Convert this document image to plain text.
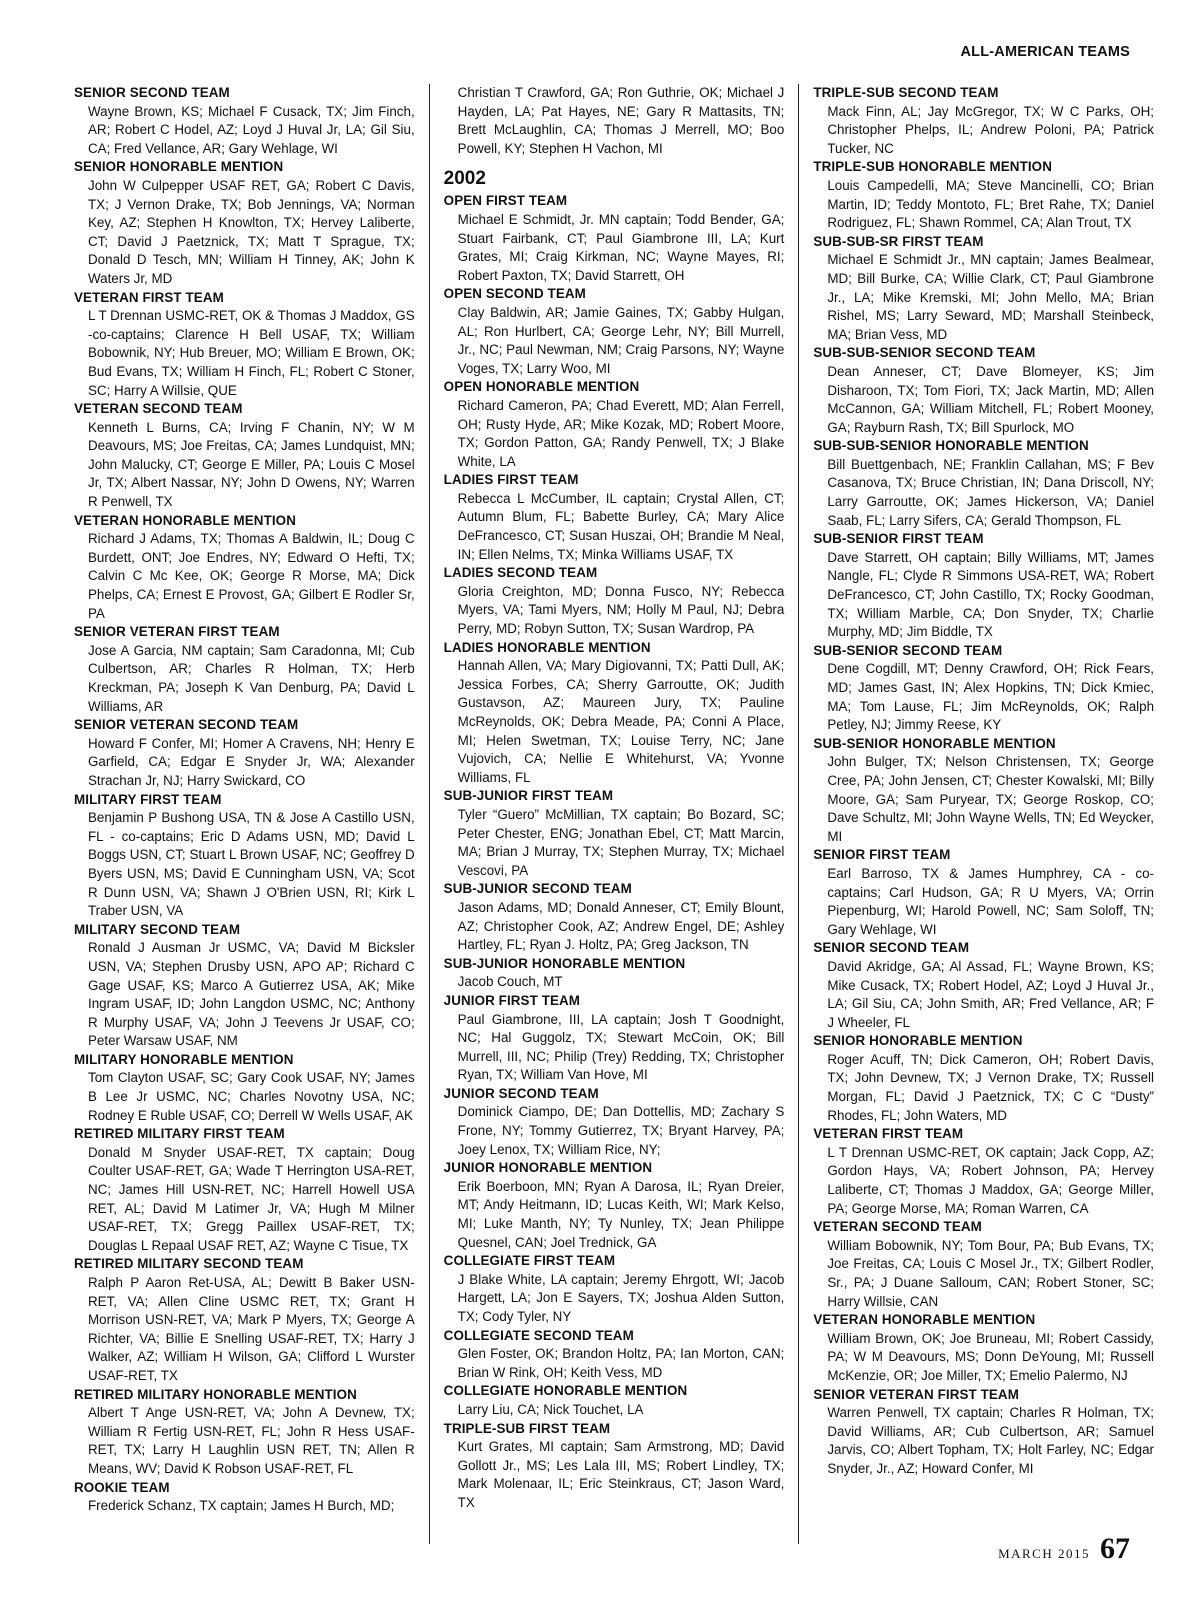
ALL-AMERICAN TEAMS
SENIOR SECOND TEAM
Wayne Brown, KS; Michael F Cusack, TX; Jim Finch, AR; Robert C Hodel, AZ; Loyd J Huval Jr, LA; Gil Siu, CA; Fred Vellance, AR; Gary Wehlage, WI
SENIOR HONORABLE MENTION
John W Culpepper USAF RET, GA; Robert C Davis, TX; J Vernon Drake, TX; Bob Jennings, VA; Norman Key, AZ; Stephen H Knowlton, TX; Hervey Laliberte, CT; David J Paetznick, TX; Matt T Sprague, TX; Donald D Tesch, MN; William H Tinney, AK; John K Waters Jr, MD
VETERAN FIRST TEAM
L T Drennan USMC-RET, OK & Thomas J Maddox, GS -co-captains; Clarence H Bell USAF, TX; William Bobownik, NY; Hub Breuer, MO; William E Brown, OK; Bud Evans, TX; William H Finch, FL; Robert C Stoner, SC; Harry A Willsie, QUE
VETERAN SECOND TEAM
Kenneth L Burns, CA; Irving F Chanin, NY; W M Deavours, MS; Joe Freitas, CA; James Lundquist, MN; John Malucky, CT; George E Miller, PA; Louis C Mosel Jr, TX; Albert Nassar, NY; John D Owens, NY; Warren R Penwell, TX
VETERAN HONORABLE MENTION
Richard J Adams, TX; Thomas A Baldwin, IL; Doug C Burdett, ONT; Joe Endres, NY; Edward O Hefti, TX; Calvin C Mc Kee, OK; George R Morse, MA; Dick Phelps, CA; Ernest E Provost, GA; Gilbert E Rodler Sr, PA
SENIOR VETERAN FIRST TEAM
Jose A Garcia, NM captain; Sam Caradonna, MI; Cub Culbertson, AR; Charles R Holman, TX; Herb Kreckman, PA; Joseph K Van Denburg, PA; David L Williams, AR
SENIOR VETERAN SECOND TEAM
Howard F Confer, MI; Homer A Cravens, NH; Henry E Garfield, CA; Edgar E Snyder Jr, WA; Alexander Strachan Jr, NJ; Harry Swickard, CO
MILITARY FIRST TEAM
Benjamin P Bushong USA, TN & Jose A Castillo USN, FL - co-captains; Eric D Adams USN, MD; David L Boggs USN, CT; Stuart L Brown USAF, NC; Geoffrey D Byers USN, MS; David E Cunningham USN, VA; Scot R Dunn USN, VA; Shawn J O'Brien USN, RI; Kirk L Traber USN, VA
MILITARY SECOND TEAM
Ronald J Ausman Jr USMC, VA; David M Bicksler USN, VA; Stephen Drusby USN, APO AP; Richard C Gage USAF, KS; Marco A Gutierrez USA, AK; Mike Ingram USAF, ID; John Langdon USMC, NC; Anthony R Murphy USAF, VA; John J Teevens Jr USAF, CO; Peter Warsaw USAF, NM
MILITARY HONORABLE MENTION
Tom Clayton USAF, SC; Gary Cook USAF, NY; James B Lee Jr USMC, NC; Charles Novotny USA, NC; Rodney E Ruble USAF, CO; Derrell W Wells USAF, AK
RETIRED MILITARY FIRST TEAM
Donald M Snyder USAF-RET, TX captain; Doug Coulter USAF-RET, GA; Wade T Herrington USA-RET, NC; James Hill USN-RET, NC; Harrell Howell USA RET, AL; David M Latimer Jr, VA; Hugh M Milner USAF-RET, TX; Gregg Paillex USAF-RET, TX; Douglas L Repaal USAF RET, AZ; Wayne C Tisue, TX
RETIRED MILITARY SECOND TEAM
Ralph P Aaron Ret-USA, AL; Dewitt B Baker USN-RET, VA; Allen Cline USMC RET, TX; Grant H Morrison USN-RET, VA; Mark P Myers, TX; George A Richter, VA; Billie E Snelling USAF-RET, TX; Harry J Walker, AZ; William H Wilson, GA; Clifford L Wurster USAF-RET, TX
RETIRED MILITARY HONORABLE MENTION
Albert T Ange USN-RET, VA; John A Devnew, TX; William R Fertig USN-RET, FL; John R Hess USAF-RET, TX; Larry H Laughlin USN RET, TN; Allen R Means, WV; David K Robson USAF-RET, FL
ROOKIE TEAM
Frederick Schanz, TX captain; James H Burch, MD;
Christian T Crawford, GA; Ron Guthrie, OK; Michael J Hayden, LA; Pat Hayes, NE; Gary R Mattasits, TN; Brett McLaughlin, CA; Thomas J Merrell, MO; Boo Powell, KY; Stephen H Vachon, MI
2002
OPEN FIRST TEAM
Michael E Schmidt, Jr. MN captain; Todd Bender, GA; Stuart Fairbank, CT; Paul Giambrone III, LA; Kurt Grates, MI; Craig Kirkman, NC; Wayne Mayes, RI; Robert Paxton, TX; David Starrett, OH
OPEN SECOND TEAM
Clay Baldwin, AR; Jamie Gaines, TX; Gabby Hulgan, AL; Ron Hurlbert, CA; George Lehr, NY; Bill Murrell, Jr., NC; Paul Newman, NM; Craig Parsons, NY; Wayne Voges, TX; Larry Woo, MI
OPEN HONORABLE MENTION
Richard Cameron, PA; Chad Everett, MD; Alan Ferrell, OH; Rusty Hyde, AR; Mike Kozak, MD; Robert Moore, TX; Gordon Patton, GA; Randy Penwell, TX; J Blake White, LA
LADIES FIRST TEAM
Rebecca L McCumber, IL captain; Crystal Allen, CT; Autumn Blum, FL; Babette Burley, CA; Mary Alice DeFrancesco, CT; Susan Huszai, OH; Brandie M Neal, IN; Ellen Nelms, TX; Minka Williams USAF, TX
LADIES SECOND TEAM
Gloria Creighton, MD; Donna Fusco, NY; Rebecca Myers, VA; Tami Myers, NM; Holly M Paul, NJ; Debra Perry, MD; Robyn Sutton, TX; Susan Wardrop, PA
LADIES HONORABLE MENTION
Hannah Allen, VA; Mary Digiovanni, TX; Patti Dull, AK; Jessica Forbes, CA; Sherry Garroutte, OK; Judith Gustavson, AZ; Maureen Jury, TX; Pauline McReynolds, OK; Debra Meade, PA; Conni A Place, MI; Helen Swetman, TX; Louise Terry, NC; Jane Vujovich, CA; Nellie E Whitehurst, VA; Yvonne Williams, FL
SUB-JUNIOR FIRST TEAM
Tyler “Guero” McMillian, TX captain; Bo Bozard, SC; Peter Chester, ENG; Jonathan Ebel, CT; Matt Marcin, MA; Brian J Murray, TX; Stephen Murray, TX; Michael Vescovi, PA
SUB-JUNIOR SECOND TEAM
Jason Adams, MD; Donald Anneser, CT; Emily Blount, AZ; Christopher Cook, AZ; Andrew Engel, DE; Ashley Hartley, FL; Ryan J. Holtz, PA; Greg Jackson, TN
SUB-JUNIOR HONORABLE MENTION
Jacob Couch, MT
JUNIOR FIRST TEAM
Paul Giambrone, III, LA captain; Josh T Goodnight, NC; Hal Guggolz, TX; Stewart McCoin, OK; Bill Murrell, III, NC; Philip (Trey) Redding, TX; Christopher Ryan, TX; William Van Hove, MI
JUNIOR SECOND TEAM
Dominick Ciampo, DE; Dan Dottellis, MD; Zachary S Frone, NY; Tommy Gutierrez, TX; Bryant Harvey, PA; Joey Lenox, TX; William Rice, NY;
JUNIOR HONORABLE MENTION
Erik Boerboon, MN; Ryan A Darosa, IL; Ryan Dreier, MT; Andy Heitmann, ID; Lucas Keith, WI; Mark Kelso, MI; Luke Manth, NY; Ty Nunley, TX; Jean Philippe Quesnel, CAN; Joel Trednick, GA
COLLEGIATE FIRST TEAM
J Blake White, LA captain; Jeremy Ehrgott, WI; Jacob Hargett, LA; Jon E Sayers, TX; Joshua Alden Sutton, TX; Cody Tyler, NY
COLLEGIATE SECOND TEAM
Glen Foster, OK; Brandon Holtz, PA; Ian Morton, CAN; Brian W Rink, OH; Keith Vess, MD
COLLEGIATE HONORABLE MENTION
Larry Liu, CA; Nick Touchet, LA
TRIPLE-SUB FIRST TEAM
Kurt Grates, MI captain; Sam Armstrong, MD; David Gollott Jr., MS; Les Lala III, MS; Robert Lindley, TX; Mark Molenaar, IL; Eric Steinkraus, CT; Jason Ward, TX
TRIPLE-SUB SECOND TEAM
Mack Finn, AL; Jay McGregor, TX; W C Parks, OH; Christopher Phelps, IL; Andrew Poloni, PA; Patrick Tucker, NC
TRIPLE-SUB HONORABLE MENTION
Louis Campedelli, MA; Steve Mancinelli, CO; Brian Martin, ID; Teddy Montoto, FL; Bret Rahe, TX; Daniel Rodriguez, FL; Shawn Rommel, CA; Alan Trout, TX
SUB-SUB-SR FIRST TEAM
Michael E Schmidt Jr., MN captain; James Bealmear, MD; Bill Burke, CA; Willie Clark, CT; Paul Giambrone Jr., LA; Mike Kremski, MI; John Mello, MA; Brian Rishel, MS; Larry Seward, MD; Marshall Steinbeck, MA; Brian Vess, MD
SUB-SUB-SENIOR SECOND TEAM
Dean Anneser, CT; Dave Blomeyer, KS; Jim Disharoon, TX; Tom Fiori, TX; Jack Martin, MD; Allen McCannon, GA; William Mitchell, FL; Robert Mooney, GA; Rayburn Rash, TX; Bill Spurlock, MO
SUB-SUB-SENIOR HONORABLE MENTION
Bill Buettgenbach, NE; Franklin Callahan, MS; F Bev Casanova, TX; Bruce Christian, IN; Dana Driscoll, NY; Larry Garroutte, OK; James Hickerson, VA; Daniel Saab, FL; Larry Sifers, CA; Gerald Thompson, FL
SUB-SENIOR FIRST TEAM
Dave Starrett, OH captain; Billy Williams, MT; James Nangle, FL; Clyde R Simmons USA-RET, WA; Robert DeFrancesco, CT; John Castillo, TX; Rocky Goodman, TX; William Marble, CA; Don Snyder, TX; Charlie Murphy, MD; Jim Biddle, TX
SUB-SENIOR SECOND TEAM
Dene Cogdill, MT; Denny Crawford, OH; Rick Fears, MD; James Gast, IN; Alex Hopkins, TN; Dick Kmiec, MA; Tom Lause, FL; Jim McReynolds, OK; Ralph Petley, NJ; Jimmy Reese, KY
SUB-SENIOR HONORABLE MENTION
John Bulger, TX; Nelson Christensen, TX; George Cree, PA; John Jensen, CT; Chester Kowalski, MI; Billy Moore, GA; Sam Puryear, TX; George Roskop, CO; Dave Schultz, MI; John Wayne Wells, TN; Ed Weycker, MI
SENIOR FIRST TEAM
Earl Barroso, TX & James Humphrey, CA - co-captains; Carl Hudson, GA; R U Myers, VA; Orrin Piepenburg, WI; Harold Powell, NC; Sam Soloff, TN; Gary Wehlage, WI
SENIOR SECOND TEAM
David Akridge, GA; Al Assad, FL; Wayne Brown, KS; Mike Cusack, TX; Robert Hodel, AZ; Loyd J Huval Jr., LA; Gil Siu, CA; John Smith, AR; Fred Vellance, AR; F J Wheeler, FL
SENIOR HONORABLE MENTION
Roger Acuff, TN; Dick Cameron, OH; Robert Davis, TX; John Devnew, TX; J Vernon Drake, TX; Russell Morgan, FL; David J Paetznick, TX; C C “Dusty” Rhodes, FL; John Waters, MD
VETERAN FIRST TEAM
L T Drennan USMC-RET, OK captain; Jack Copp, AZ; Gordon Hays, VA; Robert Johnson, PA; Hervey Laliberte, CT; Thomas J Maddox, GA; George Miller, PA; George Morse, MA; Roman Warren, CA
VETERAN SECOND TEAM
William Bobownik, NY; Tom Bour, PA; Bub Evans, TX; Joe Freitas, CA; Louis C Mosel Jr., TX; Gilbert Rodler, Sr., PA; J Duane Salloum, CAN; Robert Stoner, SC; Harry Willsie, CAN
VETERAN HONORABLE MENTION
William Brown, OK; Joe Bruneau, MI; Robert Cassidy, PA; W M Deavours, MS; Donn DeYoung, MI; Russell McKenzie, OR; Joe Miller, TX; Emelio Palermo, NJ
SENIOR VETERAN FIRST TEAM
Warren Penwell, TX captain; Charles R Holman, TX; David Williams, AR; Cub Culbertson, AR; Samuel Jarvis, CO; Albert Topham, TX; Holt Farley, NC; Edgar Snyder, Jr., AZ; Howard Confer, MI
MARCH 2015 67
